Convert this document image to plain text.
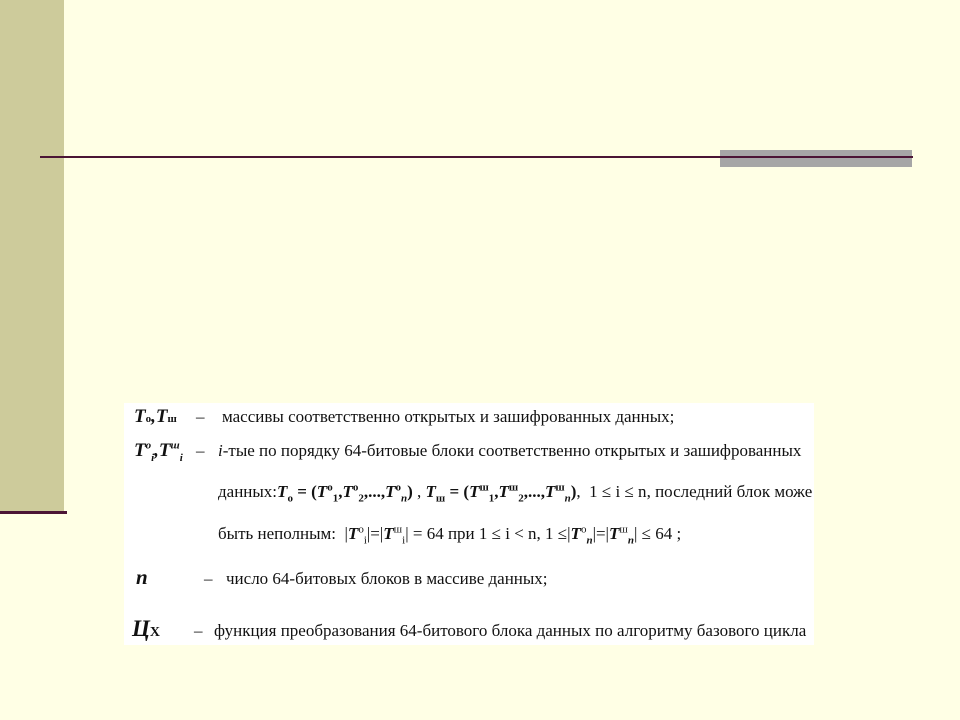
Tо,Tш – массивы соответственно открытых и зашифрованных данных;
$T^о_i,T^ш_i - i-тые$ по порядку 64-битовые блоки соответственно открытых и зашифрованных
$данных:T_о = (T^о_1,T^о_2,...,T^о_n)$ , $T_ш = (T^ш_1,T^ш_2,...,T^ш_n)$,  1 ≤ i ≤ n, последний блок може
быть неполным:  $|T^о_i|=|T^ш_i| = 64$ при 1 ≤ i < n, $1 \le|T^о_n|=|T^ш_n| \le 64$ ;
n	– число 64-битовых блоков в массиве данных;
ЦХ – функция преобразования 64-битового блока данных по алгоритму базового цикла
